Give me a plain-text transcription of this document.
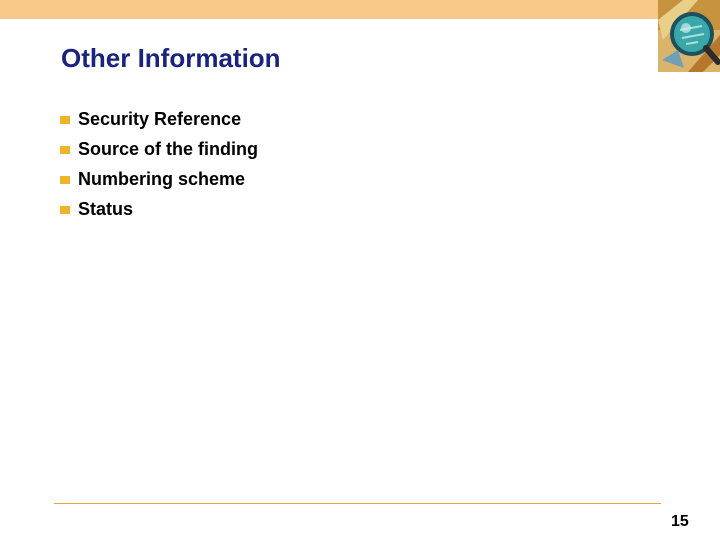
Other Information
Security Reference
Source of the finding
Numbering scheme
Status
15
